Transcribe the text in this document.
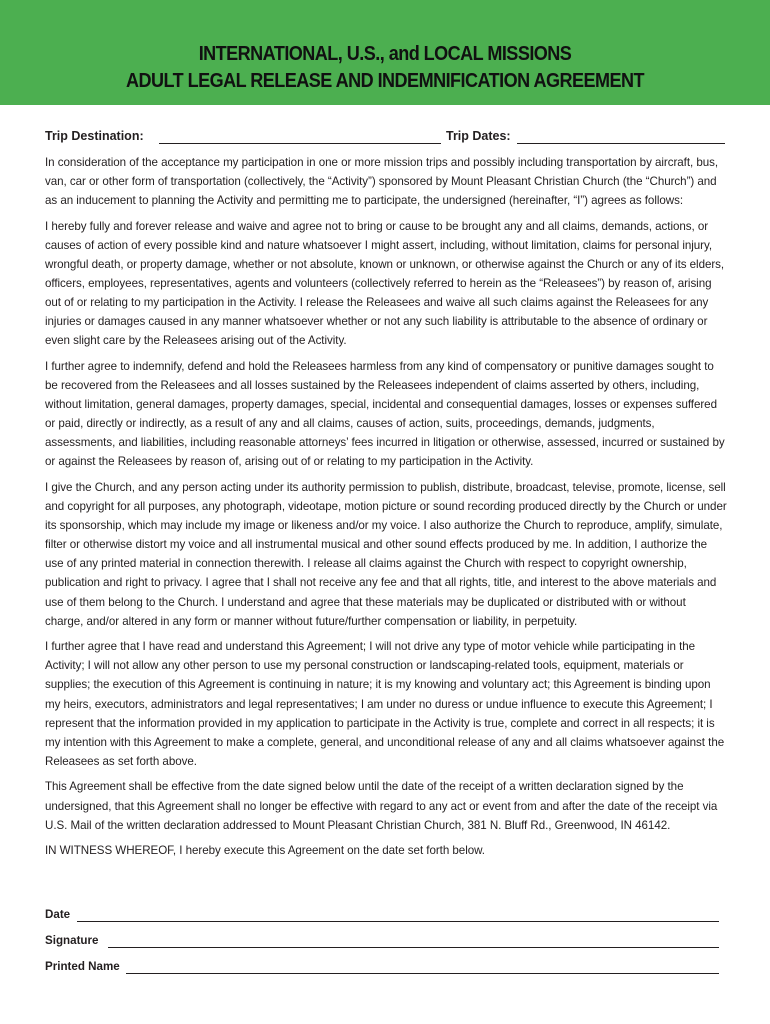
INTERNATIONAL, U.S., and LOCAL MISSIONS
ADULT LEGAL RELEASE AND INDEMNIFICATION AGREEMENT
Trip Destination:	Trip Dates:

In consideration of the acceptance my participation in one or more mission trips and possibly including transportation by aircraft, bus, van, car or other form of transportation (collectively, the “Activity”) sponsored by Mount Pleasant Christian Church (the “Church”) and as an inducement to planning the Activity and permitting me to participate, the undersigned (hereinafter, “I”) agrees as follows:

I hereby fully and forever release and waive and agree not to bring or cause to be brought any and all claims, demands, actions, or causes of action of every possible kind and nature whatsoever I might assert, including, without limitation, claims for personal injury, wrongful death, or property damage, whether or not absolute, known or unknown, or otherwise against the Church or any of its elders, officers, employees, representatives, agents and volunteers (collectively referred to herein as the “Releasees”) by reason of, arising out of or relating to my participation in the Activity. I release the Releasees and waive all such claims against the Releasees for any injuries or damages caused in any manner whatsoever whether or not any such liability is attributable to the absence of ordinary or even slight care by the Releasees arising out of the Activity.

I further agree to indemnify, defend and hold the Releasees harmless from any kind of compensatory or punitive damages sought to be recovered from the Releasees and all losses sustained by the Releasees independent of claims asserted by others, including, without limitation, general damages, property damages, special, incidental and consequential damages, losses or expenses suffered or paid, directly or indirectly, as a result of any and all claims, causes of action, suits, proceedings, demands, judgments, assessments, and liabilities, including reasonable attorneys’ fees incurred in litigation or otherwise, assessed, incurred or sustained by or against the Releasees by reason of, arising out of or relating to my participation in the Activity.

I give the Church, and any person acting under its authority permission to publish, distribute, broadcast, televise, promote, license, sell and copyright for all purposes, any photograph, videotape, motion picture or sound recording produced directly by the Church or under its sponsorship, which may include my image or likeness and/or my voice. I also authorize the Church to reproduce, amplify, simulate, filter or otherwise distort my voice and all instrumental musical and other sound effects produced by me. In addition, I authorize the use of any printed material in connection therewith. I release all claims against the Church with respect to copyright ownership, publication and right to privacy. I agree that I shall not receive any fee and that all rights, title, and interest to the above materials and use of them belong to the Church. I understand and agree that these materials may be duplicated or distributed with or without charge, and/or altered in any form or manner without future/further compensation or liability, in perpetuity.

I further agree that I have read and understand this Agreement; I will not drive any type of motor vehicle while participating in the Activity; I will not allow any other person to use my personal construction or landscaping-related tools, equipment, materials or supplies; the execution of this Agreement is continuing in nature; it is my knowing and voluntary act; this Agreement is binding upon my heirs, executors, administrators and legal representatives; I am under no duress or undue influence to execute this Agreement; I represent that the information provided in my application to participate in the Activity is true, complete and correct in all respects; it is my intention with this Agreement to make a complete, general, and unconditional release of any and all claims whatsoever against the Releasees as set forth above.

This Agreement shall be effective from the date signed below until the date of the receipt of a written declaration signed by the undersigned, that this Agreement shall no longer be effective with regard to any act or event from and after the date of the receipt via U.S. Mail of the written declaration addressed to Mount Pleasant Christian Church, 381 N. Bluff Rd., Greenwood, IN 46142.

IN WITNESS WHEREOF, I hereby execute this Agreement on the date set forth below.

Date
Signature
Printed Name
